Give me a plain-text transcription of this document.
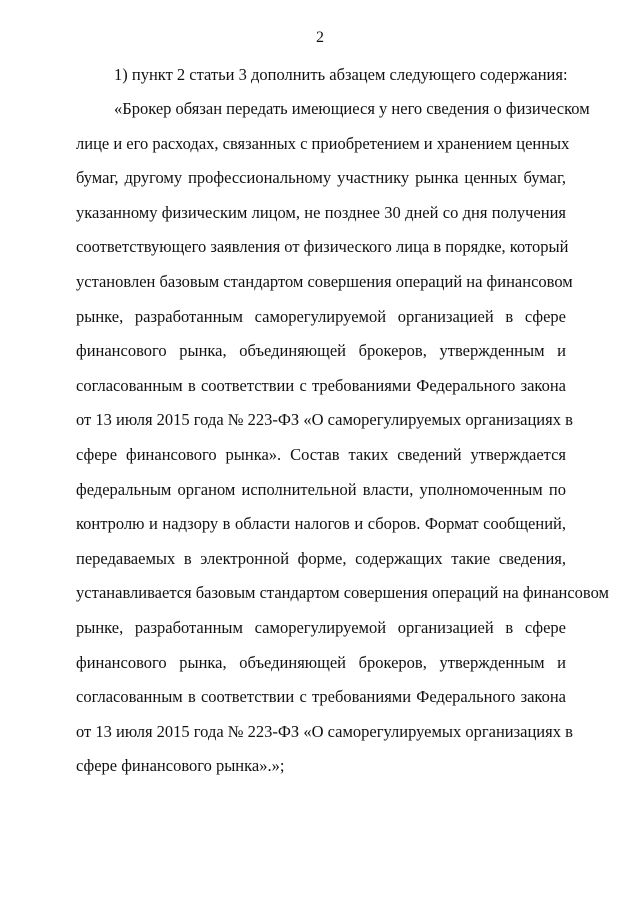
2
1) пункт 2 статьи 3 дополнить абзацем следующего содержания:
«Брокер обязан передать имеющиеся у него сведения о физическом
лице и его расходах, связанных с приобретением и хранением ценных
бумаг, другому профессиональному участнику рынка ценных бумаг,
указанному физическим лицом, не позднее 30 дней со дня получения
соответствующего заявления от физического лица в порядке, который
установлен базовым стандартом совершения операций на финансовом
рынке, разработанным саморегулируемой организацией в сфере
финансового рынка, объединяющей брокеров, утвержденным и
согласованным в соответствии с требованиями Федерального закона
от 13 июля 2015 года № 223-ФЗ «О саморегулируемых организациях в
сфере финансового рынка». Состав таких сведений утверждается
федеральным органом исполнительной власти, уполномоченным по
контролю и надзору в области налогов и сборов. Формат сообщений,
передаваемых в электронной форме, содержащих такие сведения,
устанавливается базовым стандартом совершения операций на финансовом
рынке, разработанным саморегулируемой организацией в сфере
финансового рынка, объединяющей брокеров, утвержденным и
согласованным в соответствии с требованиями Федерального закона
от 13 июля 2015 года № 223-ФЗ «О саморегулируемых организациях в
сфере финансового рынка».»;
